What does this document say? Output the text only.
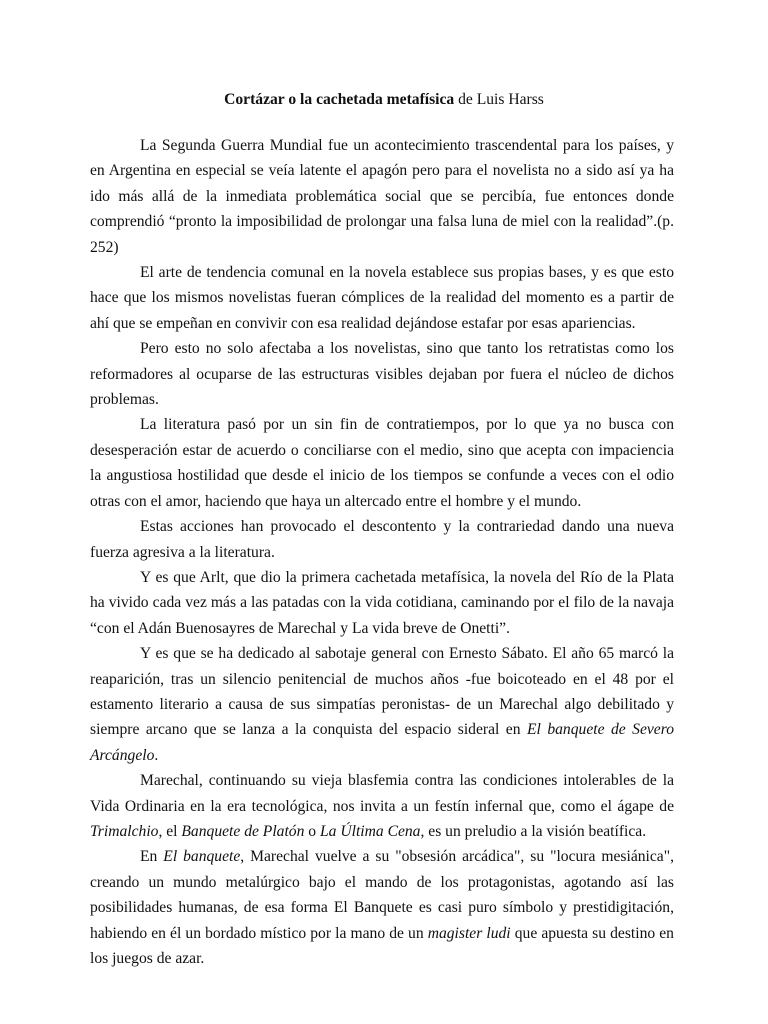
Cortázar o la cachetada metafísica de Luis Harss

La Segunda Guerra Mundial fue un acontecimiento trascendental para los países, y en Argentina en especial se veía latente el apagón pero para el novelista no a sido así ya ha ido más allá de la inmediata problemática social que se percibía, fue entonces donde comprendió “pronto la imposibilidad de prolongar una falsa luna de miel con la realidad”.(p. 252)

El arte de tendencia comunal en la novela establece sus propias bases, y es que esto hace que los mismos novelistas fueran cómplices de la realidad del momento es a partir de ahí que se empeñan en convivir con esa realidad dejándose estafar por esas apariencias.

Pero esto no solo afectaba a los novelistas, sino que tanto los retratistas como los reformadores al ocuparse de las estructuras visibles dejaban por fuera el núcleo de dichos problemas.

La literatura pasó por un sin fin de contratiempos, por lo que ya no busca con desesperación estar de acuerdo o conciliarse con el medio, sino que acepta con impaciencia la angustiosa hostilidad que desde el inicio de los tiempos se confunde a veces con el odio otras con el amor, haciendo que haya un altercado entre el hombre y el mundo.

Estas acciones han provocado el descontento y la contrariedad dando una nueva fuerza agresiva a la literatura.

Y es que Arlt, que dio la primera cachetada metafísica, la novela del Río de la Plata ha vivido cada vez más a las patadas con la vida cotidiana, caminando por el filo de la navaja “con el Adán Buenosayres de Marechal y La vida breve de Onetti”.

Y es que se ha dedicado al sabotaje general con Ernesto Sábato. El año 65 marcó la reaparición, tras un silencio penitencial de muchos años -fue boicoteado en el 48 por el estamento literario a causa de sus simpatías peronistas- de un Marechal algo debilitado y siempre arcano que se lanza a la conquista del espacio sideral en El banquete de Severo Arcángelo.

Marechal, continuando su vieja blasfemia contra las condiciones intolerables de la Vida Ordinaria en la era tecnológica, nos invita a un festín infernal que, como el ágape de Trimalchio, el Banquete de Platón o La Última Cena, es un preludio a la visión beatífica.

En El banquete, Marechal vuelve a su "obsesión arcádica", su "locura mesiánica", creando un mundo metalúrgico bajo el mando de los protagonistas, agotando así las posibilidades humanas, de esa forma El Banquete es casi puro símbolo y prestidigitación, habiendo en él un bordado místico por la mano de un magister ludi que apuesta su destino en los juegos de azar.
